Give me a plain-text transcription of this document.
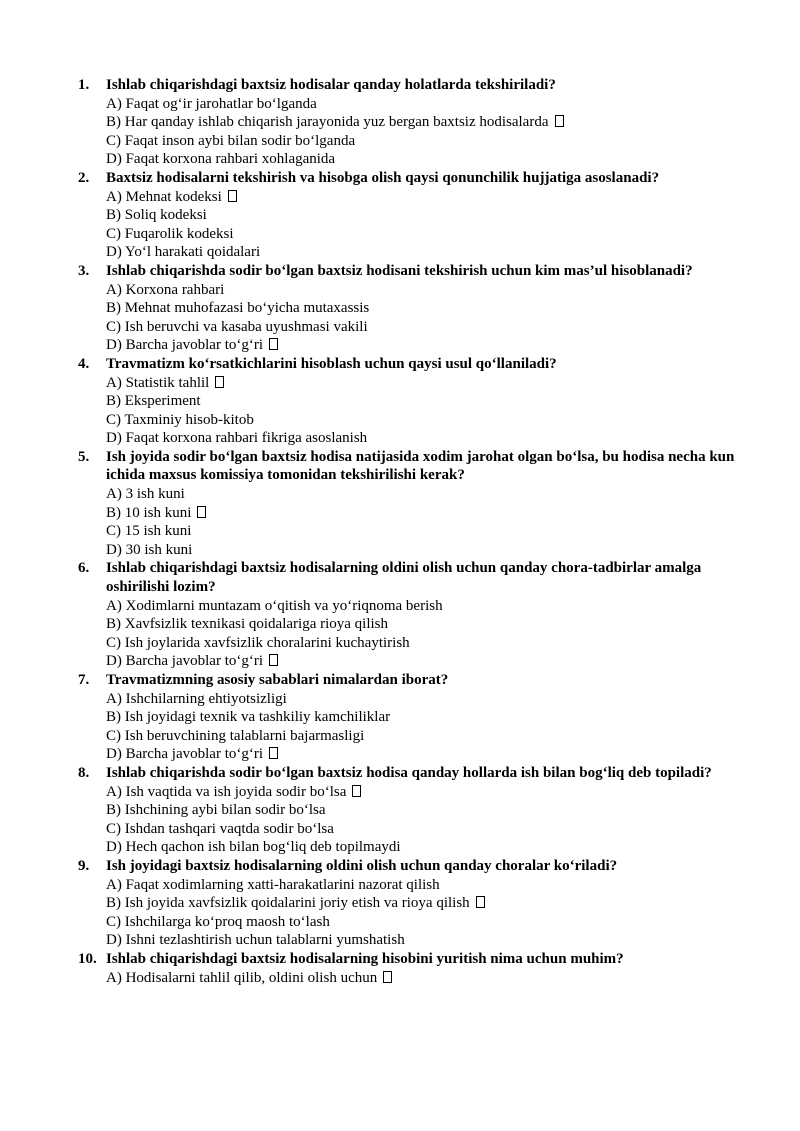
1. Ishlab chiqarishdagi baxtsiz hodisalar qanday holatlarda tekshiriladi?
A) Faqat og‘ir jarohatlar bo‘lganda
B) Har qanday ishlab chiqarish jarayonida yuz bergan baxtsiz hodisalarda
C) Faqat inson aybi bilan sodir bo‘lganda
D) Faqat korxona rahbari xohlaganida
2. Baxtsiz hodisalarni tekshirish va hisobga olish qaysi qonunchilik hujjatiga asoslanadi?
A) Mehnat kodeksi
B) Soliq kodeksi
C) Fuqarolik kodeksi
D) Yo‘l harakati qoidalari
3. Ishlab chiqarishda sodir bo‘lgan baxtsiz hodisani tekshirish uchun kim mas’ul hisoblanadi?
A) Korxona rahbari
B) Mehnat muhofazasi bo‘yicha mutaxassis
C) Ish beruvchi va kasaba uyushmasi vakili
D) Barcha javoblar to‘g‘ri
4. Travmatizm ko‘rsatkichlarini hisoblash uchun qaysi usul qo‘llaniladi?
A) Statistik tahlil
B) Eksperiment
C) Taxminiy hisob-kitob
D) Faqat korxona rahbari fikriga asoslanish
5. Ish joyida sodir bo‘lgan baxtsiz hodisa natijasida xodim jarohat olgan bo‘lsa, bu hodisa necha kun ichida maxsus komissiya tomonidan tekshirilishi kerak?
A) 3 ish kuni
B) 10 ish kuni
C) 15 ish kuni
D) 30 ish kuni
6. Ishlab chiqarishdagi baxtsiz hodisalarning oldini olish uchun qanday chora-tadbirlar amalga oshirilishi lozim?
A) Xodimlarni muntazam o‘qitish va yo‘riqnoma berish
B) Xavfsizlik texnikasi qoidalariga rioya qilish
C) Ish joylarida xavfsizlik choralarini kuchaytirish
D) Barcha javoblar to‘g‘ri
7. Travmatizmning asosiy sabablari nimalardan iborat?
A) Ishchilarning ehtiyotsizligi
B) Ish joyidagi texnik va tashkiliy kamchiliklar
C) Ish beruvchining talablarni bajarmasligi
D) Barcha javoblar to‘g‘ri
8. Ishlab chiqarishda sodir bo‘lgan baxtsiz hodisa qanday hollarda ish bilan bog‘liq deb topiladi?
A) Ish vaqtida va ish joyida sodir bo‘lsa
B) Ishchining aybi bilan sodir bo‘lsa
C) Ishdan tashqari vaqtda sodir bo‘lsa
D) Hech qachon ish bilan bog‘liq deb topilmaydi
9. Ish joyidagi baxtsiz hodisalarning oldini olish uchun qanday choralar ko‘riladi?
A) Faqat xodimlarning xatti-harakatlarini nazorat qilish
B) Ish joyida xavfsizlik qoidalarini joriy etish va rioya qilish
C) Ishchilarga ko‘proq maosh to‘lash
D) Ishni tezlashtirish uchun talablarni yumshatish
10. Ishlab chiqarishdagi baxtsiz hodisalarning hisobini yuritish nima uchun muhim?
A) Hodisalarni tahlil qilib, oldini olish uchun
